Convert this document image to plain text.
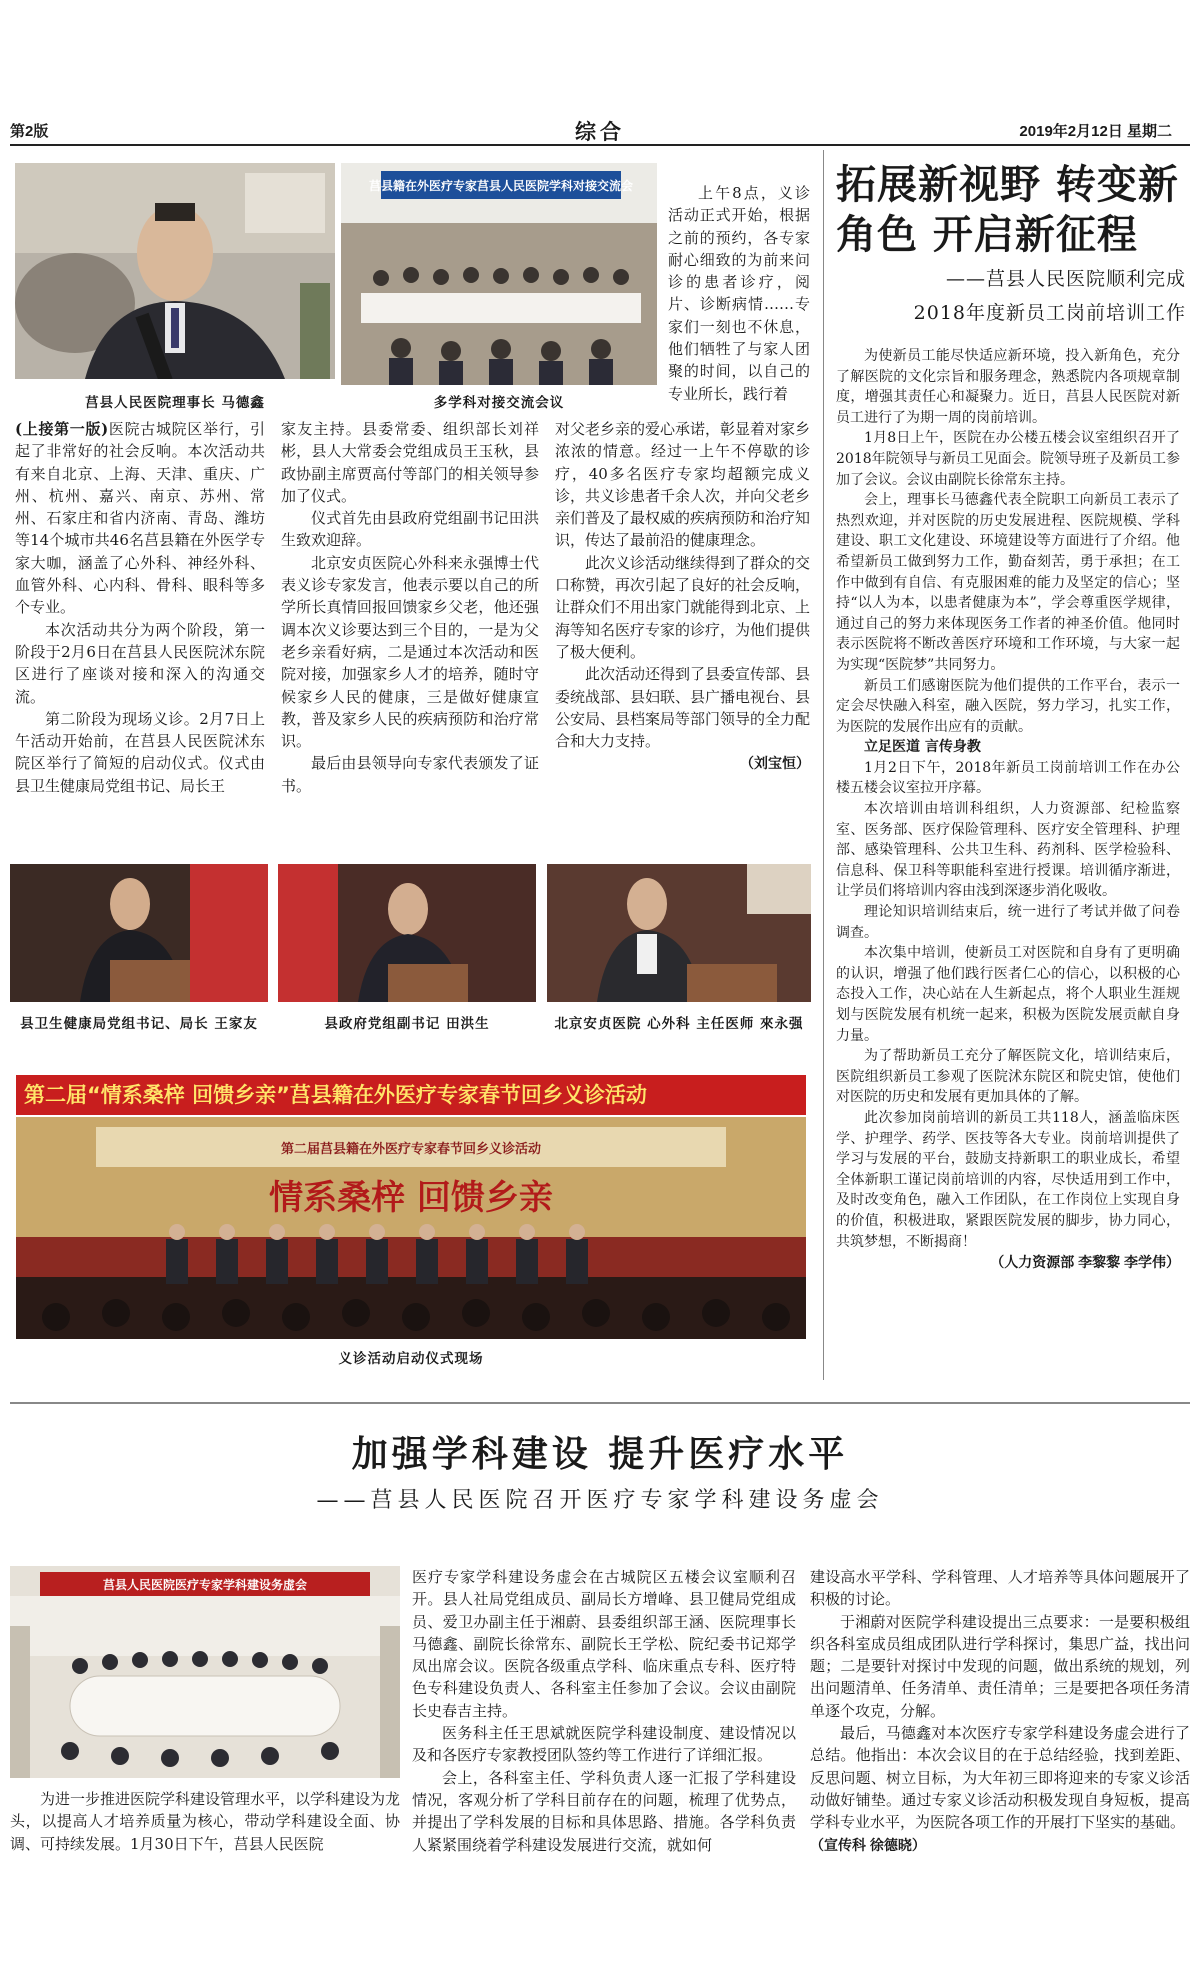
第2版	综合	2019年2月12日 星期二
莒县人民医院理事长 马德鑫
莒县籍在外医疗专家莒县人民医院学科对接交流会
多学科对接交流会议

(上接第一版)医院古城院区举行，引起了非常好的社会反响。本次活动共有来自北京、上海、天津、重庆、广州、杭州、嘉兴、南京、苏州、常州、石家庄和省内济南、青岛、潍坊等14个城市共46名莒县籍在外医学专家大咖，涵盖了心外科、神经外科、血管外科、心内科、骨科、眼科等多个专业。

本次活动共分为两个阶段，第一阶段于2月6日在莒县人民医院沭东院区进行了座谈对接和深入的沟通交流。

第二阶段为现场义诊。2月7日上午活动开始前，在莒县人民医院沭东院区举行了简短的启动仪式。仪式由县卫生健康局党组书记、局长王

家友主持。县委常委、组织部长刘祥彬，县人大常委会党组成员王玉秋，县政协副主席贾高付等部门的相关领导参加了仪式。

仪式首先由县政府党组副书记田洪生致欢迎辞。

北京安贞医院心外科来永强博士代表义诊专家发言，他表示要以自己的所学所长真情回报回馈家乡父老，他还强调本次义诊要达到三个目的，一是为父老乡亲看好病，二是通过本次活动和医院对接，加强家乡人才的培养，随时守候家乡人民的健康，三是做好健康宣教，普及家乡人民的疾病预防和治疗常识。

最后由县领导向专家代表颁发了证书。

上午8点，义诊活动正式开始，根据之前的预约，各专家耐心细致的为前来问诊的患者诊疗，阅片、诊断病情……专家们一刻也不休息，他们牺牲了与家人团聚的时间，以自己的专业所长，践行着

对父老乡亲的爱心承诺，彰显着对家乡浓浓的情意。经过一上午不停歇的诊疗，40多名医疗专家均超额完成义诊，共义诊患者千余人次，并向父老乡亲们普及了最权威的疾病预防和治疗知识，传达了最前沿的健康理念。

此次义诊活动继续得到了群众的交口称赞，再次引起了良好的社会反响，让群众们不用出家门就能得到北京、上海等知名医疗专家的诊疗，为他们提供了极大便利。

此次活动还得到了县委宣传部、县委统战部、县妇联、县广播电视台、县公安局、县档案局等部门领导的全力配合和大力支持。

（刘宝恒）

县卫生健康局党组书记、局长 王家友	县政府党组副书记 田洪生	北京安贞医院 心外科 主任医师 來永强
第二届“情系桑梓 回馈乡亲”莒县籍在外医疗专家春节回乡义诊活动
第二届莒县籍在外医疗专家春节回乡义诊活动
情系桑梓 回馈乡亲
义诊活动启动仪式现场
拓展新视野 转变新角色 开启新征程
——莒县人民医院顺利完成
2018年度新员工岗前培训工作

为使新员工能尽快适应新环境，投入新角色，充分了解医院的文化宗旨和服务理念，熟悉院内各项规章制度，增强其责任心和凝聚力。近日，莒县人民医院对新员工进行了为期一周的岗前培训。

1月8日上午，医院在办公楼五楼会议室组织召开了2018年院领导与新员工见面会。院领导班子及新员工参加了会议。会议由副院长徐常东主持。

会上，理事长马德鑫代表全院职工向新员工表示了热烈欢迎，并对医院的历史发展进程、医院规模、学科建设、职工文化建设、环境建设等方面进行了介绍。他希望新员工做到努力工作，勤奋刻苦，勇于承担；在工作中做到有自信、有克服困难的能力及坚定的信心；坚持“以人为本，以患者健康为本”，学会尊重医学规律，通过自己的努力来体现医务工作者的神圣价值。他同时表示医院将不断改善医疗环境和工作环境，与大家一起为实现“医院梦”共同努力。

新员工们感谢医院为他们提供的工作平台，表示一定会尽快融入科室，融入医院，努力学习，扎实工作，为医院的发展作出应有的贡献。

立足医道 言传身教

1月2日下午，2018年新员工岗前培训工作在办公楼五楼会议室拉开序幕。

本次培训由培训科组织，人力资源部、纪检监察室、医务部、医疗保险管理科、医疗安全管理科、护理部、感染管理科、公共卫生科、药剂科、医学检验科、信息科、保卫科等职能科室进行授课。培训循序渐进，让学员们将培训内容由浅到深逐步消化吸收。

理论知识培训结束后，统一进行了考试并做了问卷调查。

本次集中培训，使新员工对医院和自身有了更明确的认识，增强了他们践行医者仁心的信心，以积极的心态投入工作，决心站在人生新起点，将个人职业生涯规划与医院发展有机统一起来，积极为医院发展贡献自身力量。

为了帮助新员工充分了解医院文化，培训结束后，医院组织新员工参观了医院沭东院区和院史馆，使他们对医院的历史和发展有更加具体的了解。

此次参加岗前培训的新员工共118人，涵盖临床医学、护理学、药学、医技等各大专业。岗前培训提供了学习与发展的平台，鼓励支持新职工的职业成长，希望全体新职工谨记岗前培训的内容，尽快适用到工作中，及时改变角色，融入工作团队，在工作岗位上实现自身的价值，积极进取，紧跟医院发展的脚步，协力同心，共筑梦想，不断揭商！

（人力资源部 李黎黎 李学伟）

加强学科建设 提升医疗水平
——莒县人民医院召开医疗专家学科建设务虚会
莒县人民医院医疗专家学科建设务虚会

为进一步推进医院学科建设管理水平，以学科建设为龙头，以提高人才培养质量为核心，带动学科建设全面、协调、可持续发展。1月30日下午，莒县人民医院

医疗专家学科建设务虚会在古城院区五楼会议室顺利召开。县人社局党组成员、副局长方增峰、县卫健局党组成员、爱卫办副主任于湘蔚、县委组织部王涵、医院理事长马德鑫、副院长徐常东、副院长王学松、院纪委书记郑学凤出席会议。医院各级重点学科、临床重点专科、医疗特色专科建设负责人、各科室主任参加了会议。会议由副院长史春吉主持。

医务科主任王思斌就医院学科建设制度、建设情况以及和各医疗专家教授团队签约等工作进行了详细汇报。

会上，各科室主任、学科负责人逐一汇报了学科建设情况，客观分析了学科目前存在的问题，梳理了优势点，并提出了学科发展的目标和具体思路、措施。各学科负责人紧紧围绕着学科建设发展进行交流，就如何

建设高水平学科、学科管理、人才培养等具体问题展开了积极的讨论。

于湘蔚对医院学科建设提出三点要求：一是要积极组织各科室成员组成团队进行学科探讨，集思广益，找出问题；二是要针对探讨中发现的问题，做出系统的规划，列出问题清单、任务清单、责任清单；三是要把各项任务清单逐个攻克，分解。

最后，马德鑫对本次医疗专家学科建设务虚会进行了总结。他指出：本次会议目的在于总结经验，找到差距、反思问题、树立目标，为大年初三即将迎来的专家义诊活动做好铺垫。通过专家义诊活动积极发现自身短板，提高学科专业水平，为医院各项工作的开展打下坚实的基础。

（宣传科 徐德晓）
